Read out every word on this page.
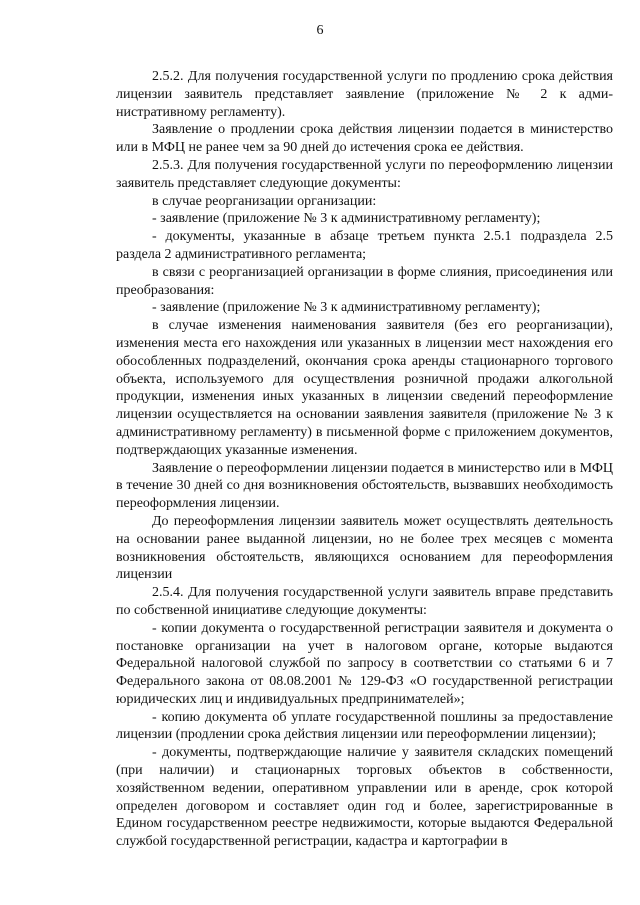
6

2.5.2. Для получения государственной услуги по продлению срока действия лицензии заявитель представляет заявление (приложение № 2 к административному регламенту).

Заявление о продлении срока действия лицензии подается в министерство или в МФЦ не ранее чем за 90 дней до истечения срока ее действия.

2.5.3. Для получения государственной услуги по переоформлению лицензии заявитель представляет следующие документы:

в случае реорганизации организации:

- заявление (приложение № 3 к административному регламенту);

- документы, указанные в абзаце третьем пункта 2.5.1 подраздела 2.5 раздела 2 административного регламента;

в связи с реорганизацией организации в форме слияния, присоединения или преобразования:

- заявление (приложение № 3 к административному регламенту);

в случае изменения наименования заявителя (без его реорганизации), изменения места его нахождения или указанных в лицензии мест нахождения его обособленных подразделений, окончания срока аренды стационарного торгового объекта, используемого для осуществления розничной продажи алкогольной продукции, изменения иных указанных в лицензии сведений переоформление лицензии осуществляется на основании заявления заявителя (приложение № 3 к административному регламенту) в письменной форме с приложением документов, подтверждающих указанные изменения.

Заявление о переоформлении лицензии подается в министерство или в МФЦ в течение 30 дней со дня возникновения обстоятельств, вызвавших необходимость переоформления лицензии.

До переоформления лицензии заявитель может осуществлять деятельность на основании ранее выданной лицензии, но не более трех месяцев с момента возникновения обстоятельств, являющихся основанием для переоформления лицензии

2.5.4. Для получения государственной услуги заявитель вправе представить по собственной инициативе следующие документы:

- копии документа о государственной регистрации заявителя и документа о постановке организации на учет в налоговом органе, которые выдаются Федеральной налоговой службой по запросу в соответствии со статьями 6 и 7 Федерального закона от 08.08.2001 № 129-ФЗ «О государственной регистрации юридических лиц и индивидуальных предпринимателей»;

- копию документа об уплате государственной пошлины за предоставление лицензии (продлении срока действия лицензии или переоформлении лицензии);

- документы, подтверждающие наличие у заявителя складских помещений (при наличии) и стационарных торговых объектов в собственности, хозяйственном ведении, оперативном управлении или в аренде, срок которой определен договором и составляет один год и более, зарегистрированные в Едином государственном реестре недвижимости, которые выдаются Федеральной службой государственной регистрации, кадастра и картографии в
